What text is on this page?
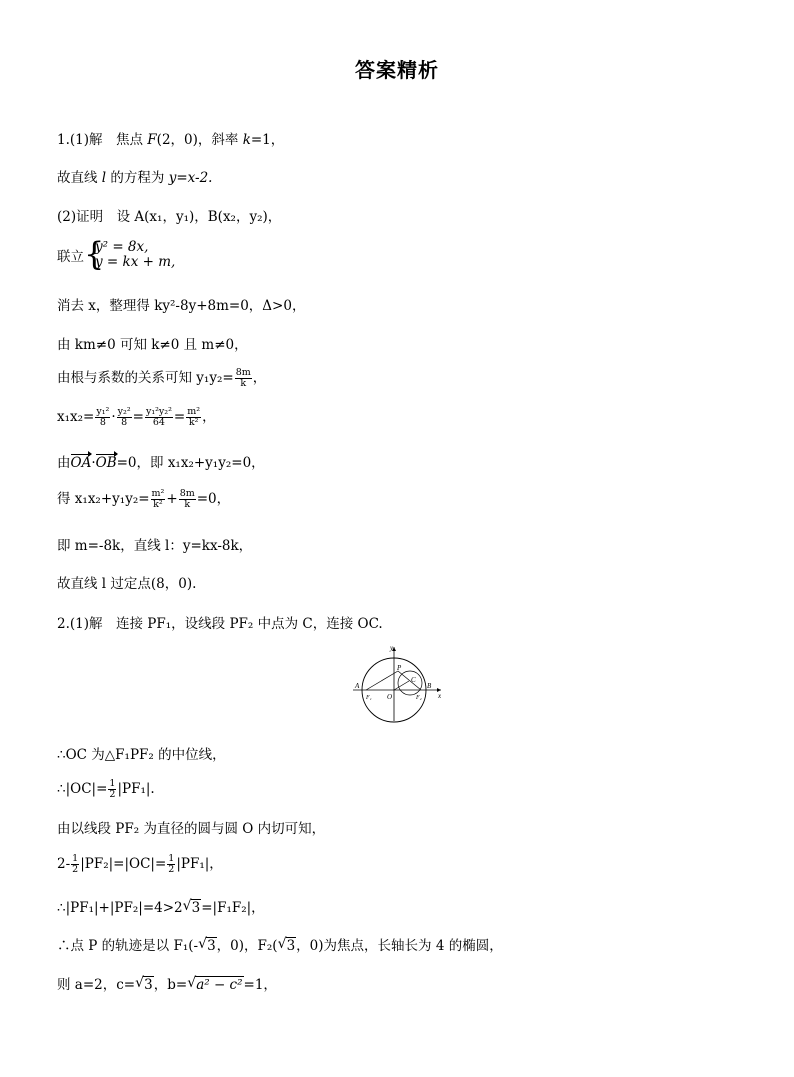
答案精析
1.(1)解　焦点 F(2，0)，斜率 k=1，
故直线 l 的方程为 y=x-2.
(2)证明　设 A(x₁，y₁)，B(x₂，y₂)，
联立 {
y² = 8x,
y = kx + m,
消去 x，整理得 ky²-8y+8m=0，Δ>0，
由 km≠0 可知 k≠0 且 m≠0，
由根与系数的关系可知 $y_1y_2= \frac{8m}{k}$ ，
$x_1x_2= \frac{\text{y₁²}}{8} \cdot \frac{\text{y₂²}}{8} = \frac{\text{y₁²y₂²}}{64} = \frac{\text{m²}}{\text{k²}}$ ，
由OA·OB=0，即 x₁x₂+y₁y₂=0，
得 $x_1x_2+y_1y_2= \frac{\text{m²}}{\text{k²}} + \frac{8m}{k} =0$，
即 m=-8k，直线 l：y=kx-8k，
故直线 l 过定点(8，0).
2.(1)解　连接 PF₁，设线段 PF₂ 中点为 C，连接 OC.
y
x
A	B
P
C
O
F₁	F₂
∴OC 为△F₁PF₂ 的中位线，
∴|OC|= $\frac{1}{2} |PF_1|$.
由以线段 PF₂ 为直径的圆与圆 O 内切可知，
$2- \frac{1}{2} |PF_2|=|OC|= \frac{1}{2} |PF_1|$，
∴|PF₁|+|PF₂|=4>2 √ 3=|F₁F₂|，
∴点 P 的轨迹是以 F₁(- √ 3，0)，F₂( √ 3，0)为焦点，长轴长为 4 的椭圆，
则 a=2，c= √ 3，b= √ a² − c²=1，
